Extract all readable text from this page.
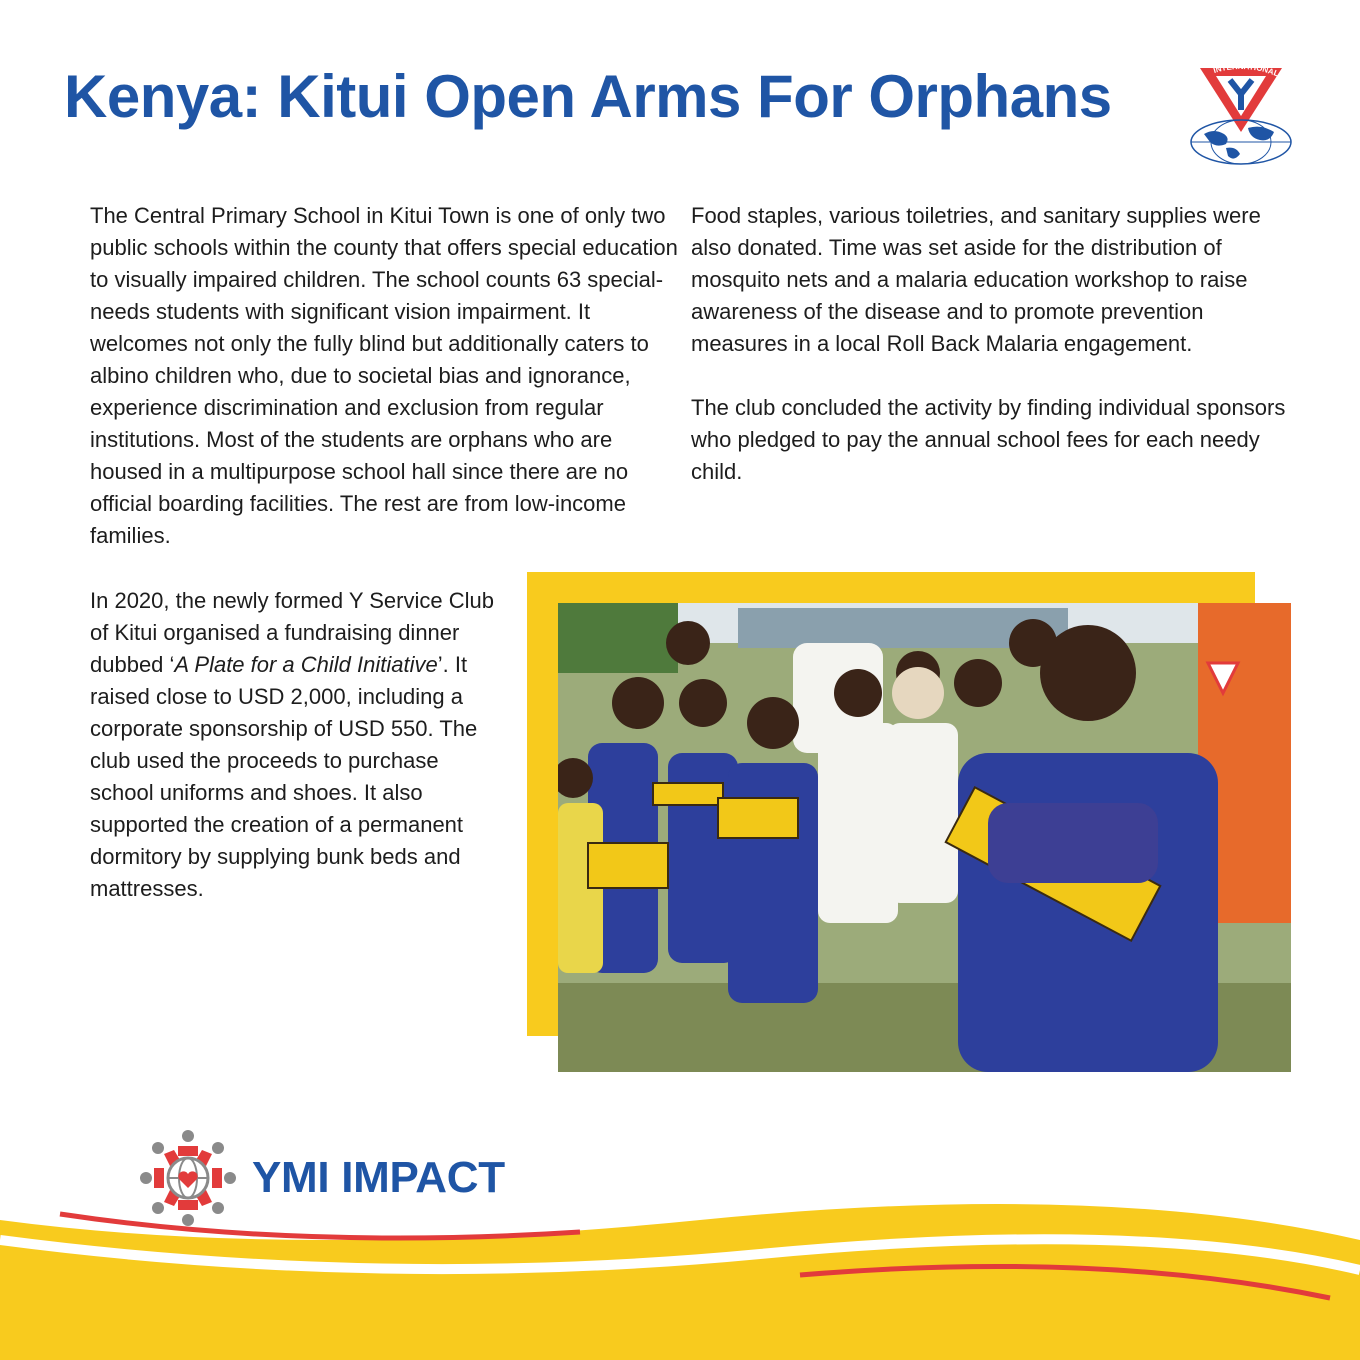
Kenya: Kitui Open Arms For Orphans	INTERNATIONAL

The Central Primary School in Kitui Town is one of only two public schools within the county that offers special education to visually impaired children. The school counts 63 special-needs students with significant vision impairment. It welcomes not only the fully blind but additionally caters to albino children who, due to societal bias and ignorance, experience discrimination and exclusion from regular institutions. Most of the students are orphans who are housed in a multipurpose school hall since there are no official boarding facilities. The rest are from low-income families.

Food staples, various toiletries, and sanitary supplies were also donated. Time was set aside for the distribution of mosquito nets and a malaria education workshop to raise awareness of the disease and to promote prevention measures in a local Roll Back Malaria engagement.

The club concluded the activity by finding individual sponsors who pledged to pay the annual school fees for each needy child.

In 2020, the newly formed Y Service Club of Kitui organised a fundraising dinner dubbed ‘A Plate for a Child Initiative’. It raised close to USD 2,000, including a corporate sponsorship of USD 550. The club used the proceeds to purchase school uniforms and shoes. It also supported the creation of a permanent dormitory by supplying bunk beds and mattresses.

YMI IMPACT
